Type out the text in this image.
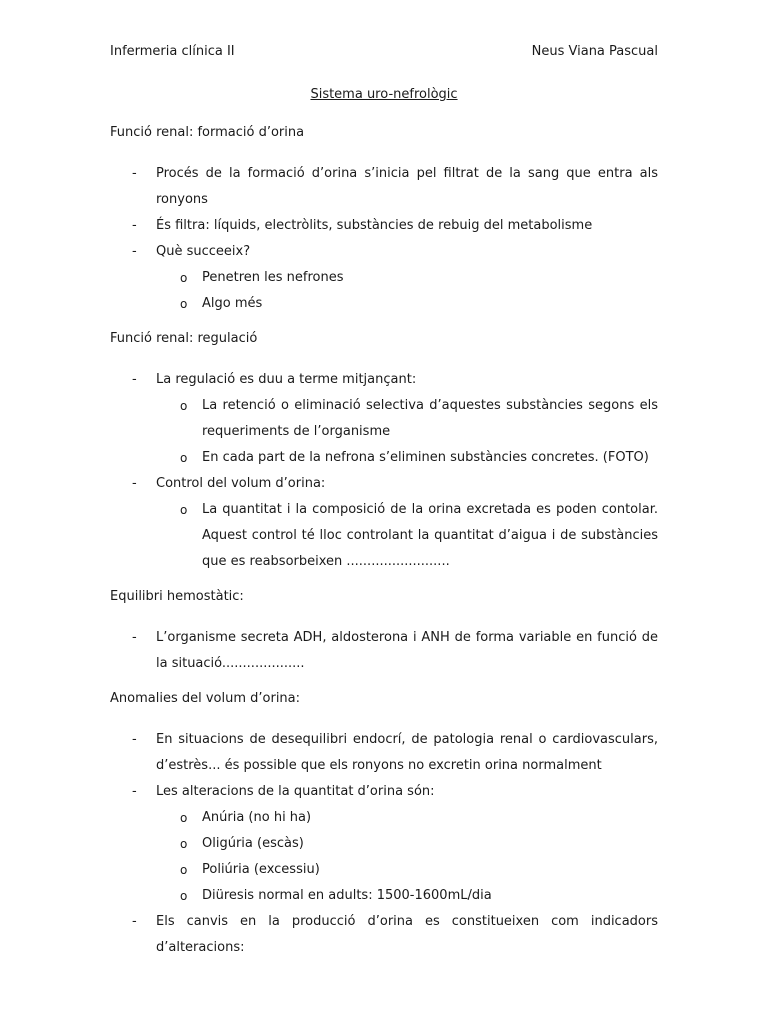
Infermeria clínica II	Neus Viana Pascual
Sistema uro-nefrològic

Funció renal: formació d’orina

- Procés de la formació d’orina s’inicia pel filtrat de la sang que entra als ronyons
- És filtra: líquids, electròlits, substàncies de rebuig del metabolisme
- Què succeeix?
o Penetren les nefrones
o Algo més

Funció renal: regulació

- La regulació es duu a terme mitjançant:
o La retenció o eliminació selectiva d’aquestes substàncies segons els requeriments de l’organisme
o En cada part de la nefrona s’eliminen substàncies concretes. (FOTO)
- Control del volum d’orina:
o La quantitat i la composició de la orina excretada es poden contolar. Aquest control té lloc controlant la quantitat d’aigua i de substàncies que es reabsorbeixen .........................

Equilibri hemostàtic:

- L’organisme secreta ADH, aldosterona i ANH de forma variable en funció de la situació....................

Anomalies del volum d’orina:

- En situacions de desequilibri endocrí, de patologia renal o cardiovasculars, d’estrès... és possible que els ronyons no excretin orina normalment
- Les alteracions de la quantitat d’orina són:
o Anúria (no hi ha)
o Oligúria (escàs)
o Poliúria (excessiu)
o Diüresis normal en adults: 1500-1600mL/dia
- Els canvis en la producció d’orina es constitueixen com indicadors d’alteracions:
